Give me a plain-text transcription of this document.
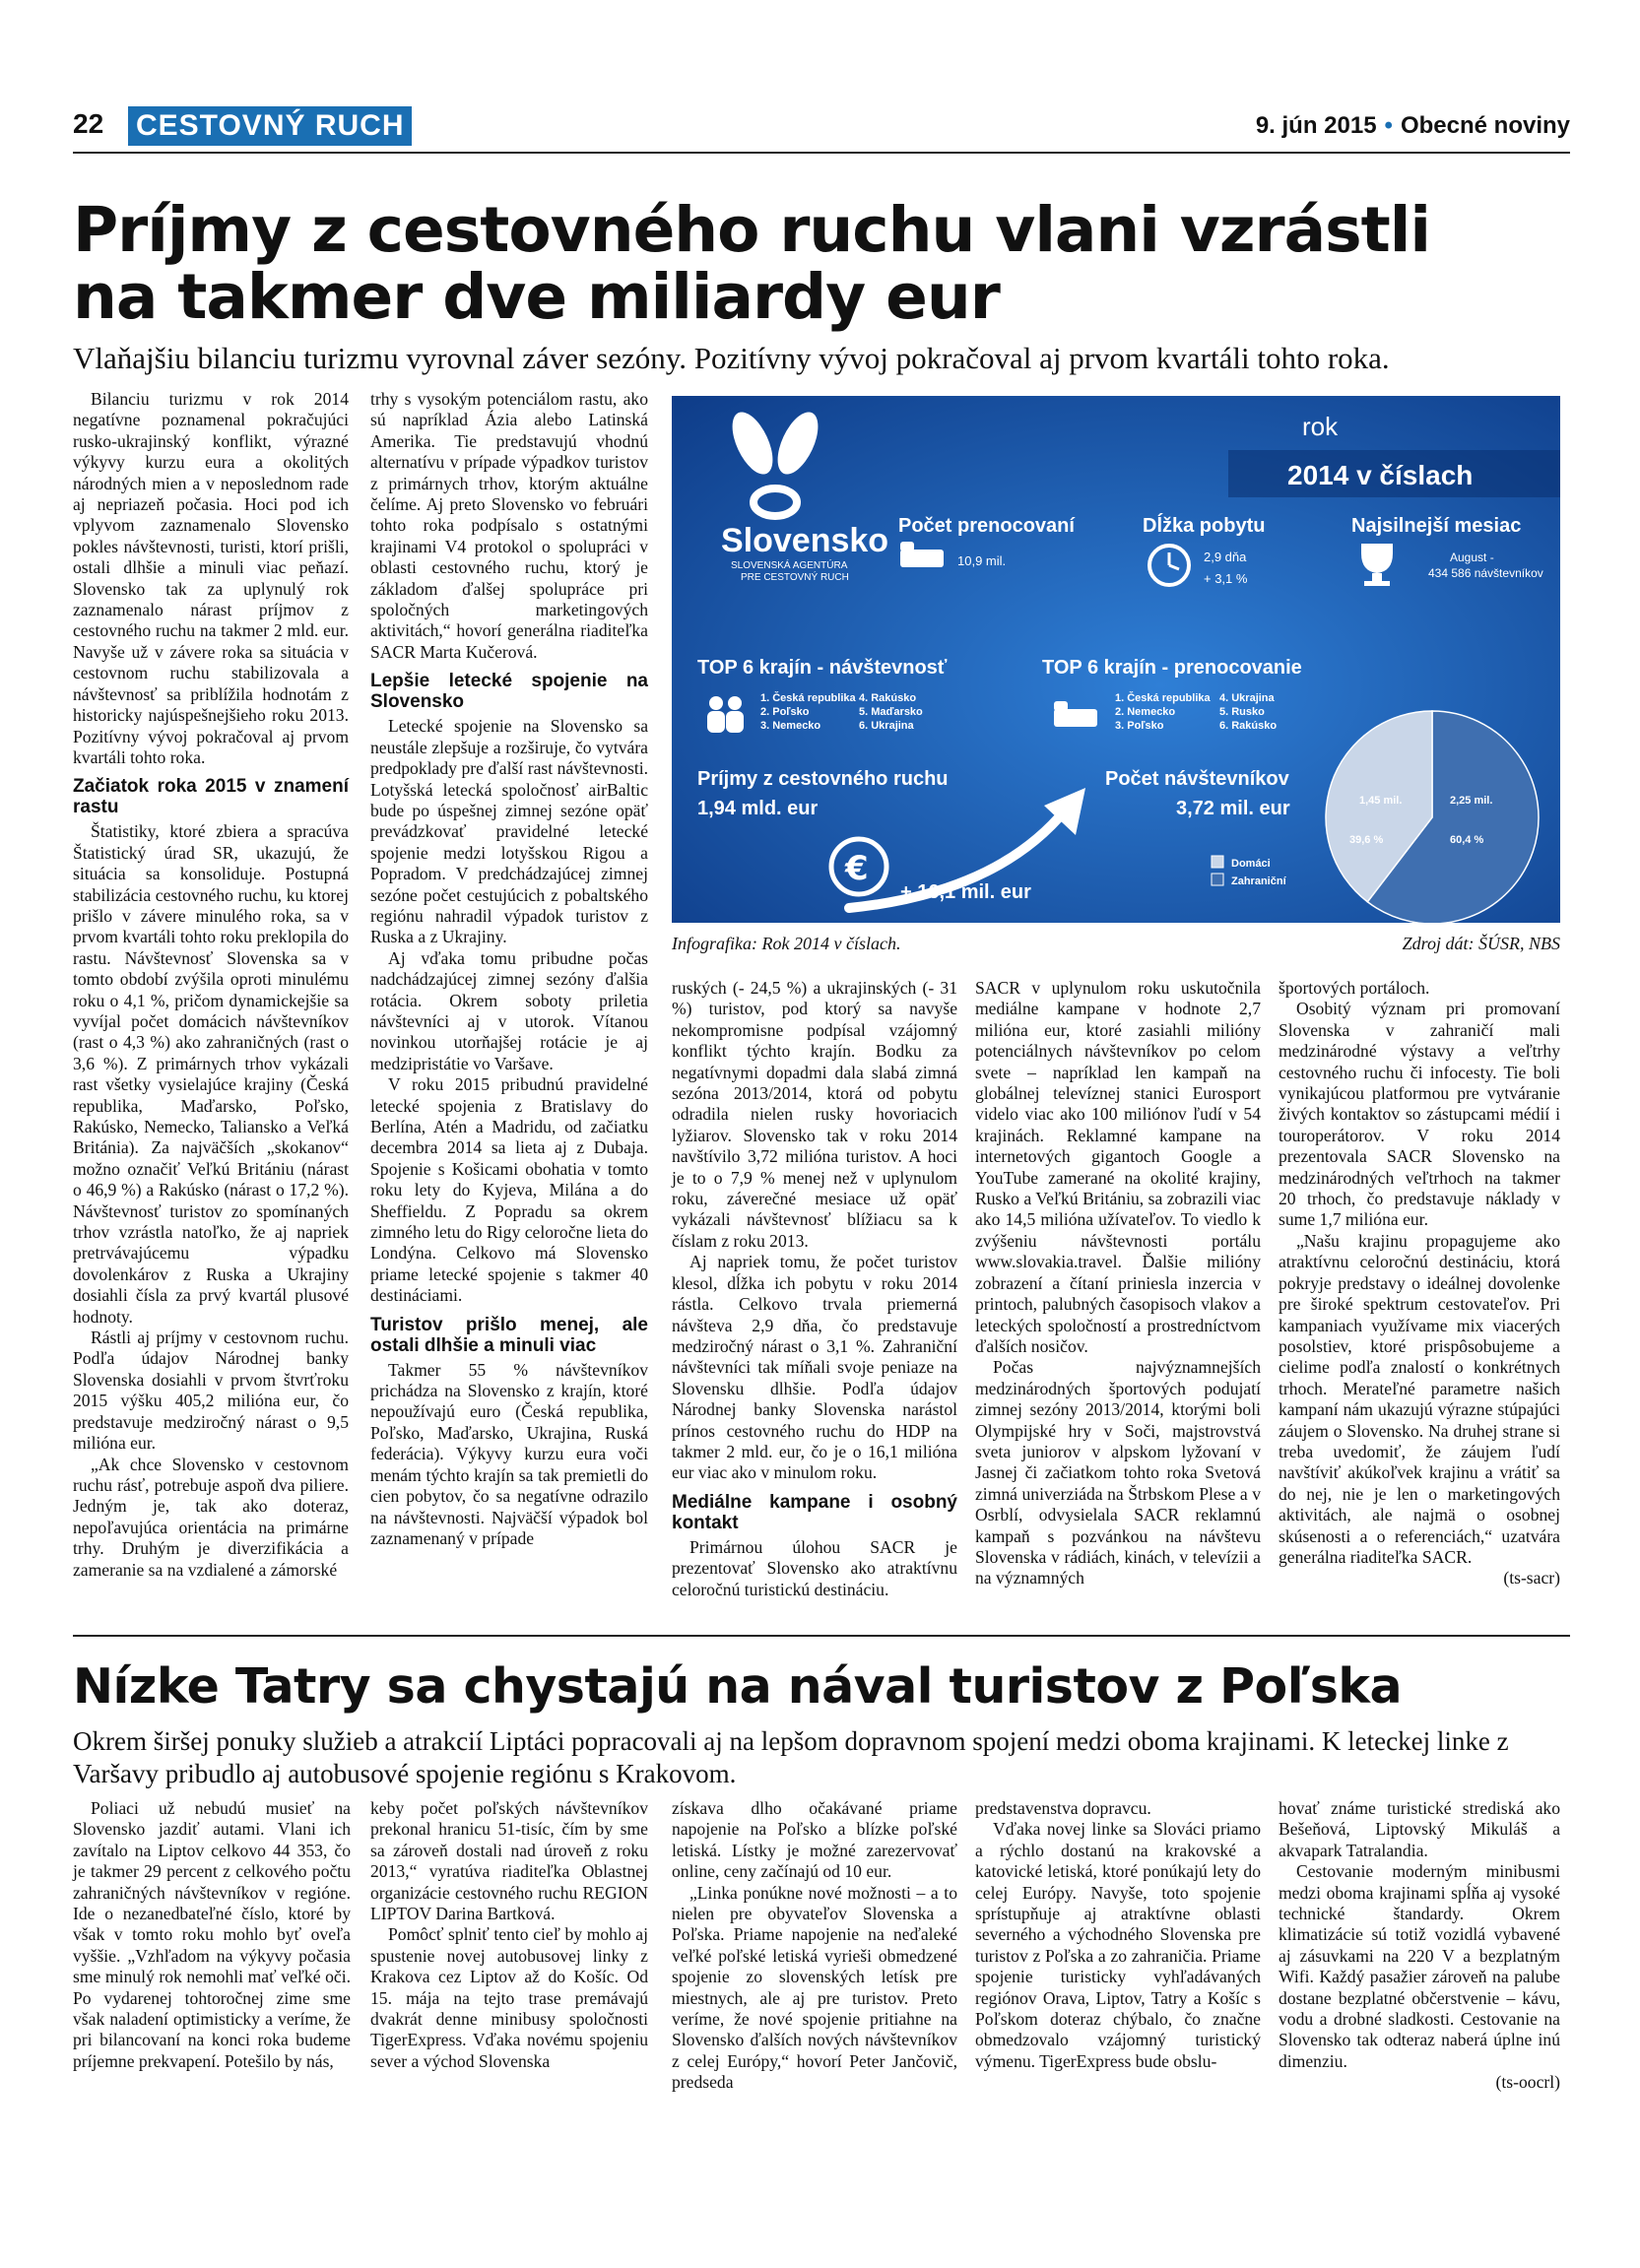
22 CESTOVNÝ RUCH	9. jún 2015 • Obecné noviny
Príjmy z cestovného ruchu vlani vzrástli
na takmer dve miliardy eur

Vlaňajšiu bilanciu turizmu vyrovnal záver sezóny. Pozitívny vývoj pokračoval aj prvom kvartáli tohto roka.

Bilanciu turizmu v rok 2014 negatívne poznamenal pokračujúci rusko-ukrajinský konflikt, výrazné výkyvy kurzu eura a okolitých národných mien a v neposlednom rade aj nepriazeň počasia. Hoci pod ich vplyvom zaznamenalo Slovensko pokles návštevnosti, turisti, ktorí prišli, ostali dlhšie a minuli viac peňazí. Slovensko tak za uplynulý rok zaznamenalo nárast príjmov z cestovného ruchu na takmer 2 mld. eur. Navyše už v závere roka sa situácia v cestovnom ruchu stabilizovala a návštevnosť sa priblížila hodnotám z historicky najúspešnejšieho roku 2013. Pozitívny vývoj pokračoval aj prvom kvartáli tohto roka.

Začiatok roka 2015 v znamení rastu

Štatistiky, ktoré zbiera a spracúva Štatistický úrad SR, ukazujú, že situácia sa konsoliduje. Postupná stabilizácia cestovného ruchu, ku ktorej prišlo v závere minulého roka, sa v prvom kvartáli tohto roku preklopila do rastu. Návštevnosť Slovenska sa v tomto období zvýšila oproti minulému roku o 4,1 %, pričom dynamickejšie sa vyvíjal počet domácich návštevníkov (rast o 4,3 %) ako zahraničných (rast o 3,6 %). Z primárnych trhov vykázali rast všetky vysielajúce krajiny (Česká republika, Maďarsko, Poľsko, Rakúsko, Nemecko, Taliansko a Veľká Británia). Za najväčších „skokanov“ možno označiť Veľkú Britániu (nárast o 46,9 %) a Rakúsko (nárast o 17,2 %). Návštevnosť turistov zo spomínaných trhov vzrástla natoľko, že aj napriek pretrvávajúcemu výpadku dovolenkárov z Ruska a Ukrajiny dosiahli čísla za prvý kvartál plusové hodnoty.

Rástli aj príjmy v cestovnom ruchu. Podľa údajov Národnej banky Slovenska dosiahli v prvom štvrťroku 2015 výšku 405,2 milióna eur, čo predstavuje medziročný nárast o 9,5 milióna eur.

„Ak chce Slovensko v cestovnom ruchu rásť, potrebuje aspoň dva piliere. Jedným je, tak ako doteraz, nepoľavujúca orientácia na primárne trhy. Druhým je diverzifikácia a zameranie sa na vzdialené a zámorské

trhy s vysokým potenciálom rastu, ako sú napríklad Ázia alebo Latinská Amerika. Tie predstavujú vhodnú alternatívu v prípade výpadkov turistov z primárnych trhov, ktorým aktuálne čelíme. Aj preto Slovensko vo februári tohto roka podpísalo s ostatnými krajinami V4 protokol o spolupráci v oblasti cestovného ruchu, ktorý je základom ďalšej spolupráce pri spoločných marketingových aktivitách,“ hovorí generálna riaditeľka SACR Marta Kučerová.

Lepšie letecké spojenie na Slovensko

Letecké spojenie na Slovensko sa neustále zlepšuje a rozširuje, čo vytvára predpoklady pre ďalší rast návštevnosti. Lotyšská letecká spoločnosť airBaltic bude po úspešnej zimnej sezóne opäť prevádzkovať pravidelné letecké spojenie medzi lotyšskou Rigou a Popradom. V predchádzajúcej zimnej sezóne počet cestujúcich z pobaltského regiónu nahradil výpadok turistov z Ruska a z Ukrajiny.

Aj vďaka tomu pribudne počas nadchádzajúcej zimnej sezóny ďalšia rotácia. Okrem soboty priletia návštevníci aj v utorok. Vítanou novinkou utorňajšej rotácie je aj medzipristátie vo Varšave.

V roku 2015 pribudnú pravidelné letecké spojenia z Bratislavy do Berlína, Atén a Madridu, od začiatku decembra 2014 sa lieta aj z Dubaja. Spojenie s Košicami obohatia v tomto roku lety do Kyjeva, Milána a do Sheffieldu. Z Popradu sa okrem zimného letu do Rigy celoročne lieta do Londýna. Celkovo má Slovensko priame letecké spojenie s takmer 40 destináciami.

Turistov prišlo menej, ale ostali dlhšie a minuli viac

Takmer 55 % návštevníkov prichádza na Slovensko z krajín, ktoré nepoužívajú euro (Česká republika, Poľsko, Maďarsko, Ukrajina, Ruská federácia). Výkyvy kurzu eura voči menám týchto krajín sa tak premietli do cien pobytov, čo sa negatívne odrazilo na návštevnosti. Najväčší výpadok bol zaznamenaný v prípade

Slovensko
SLOVENSKÁ AGENTÚRA
PRE CESTOVNÝ RUCH
rok
2014 v číslach
Počet prenocovaní
10,9 mil.
Dĺžka pobytu
2,9 dňa
+ 3,1 %
Najsilnejší mesiac
August -
434 586 návštevníkov
TOP 6 krajín - návštevnosť
1. Česká republika
2. Poľsko
3. Nemecko
4. Rakúsko
5. Maďarsko
6. Ukrajina
TOP 6 krajín - prenocovanie
1. Česká republika
2. Nemecko
3. Poľsko
4. Ukrajina
5. Rusko
6. Rakúsko
Príjmy z cestovného ruchu
1,94 mld. eur
€
+ 16,1 mil. eur
Počet návštevníkov
3,72 mil. eur	1,45 mil.
39,6 %
2,25 mil.
60,4 %
Domáci
Zahraniční
Infografika: Rok 2014 v číslach.	Zdroj dát: ŠÚSR, NBS

ruských (- 24,5 %) a ukrajinských (- 31 %) turistov, pod ktorý sa navyše nekompromisne podpísal vzájomný konflikt týchto krajín. Bodku za negatívnymi dopadmi dala slabá zimná sezóna 2013/2014, ktorá od pobytu odradila nielen rusky hovoriacich lyžiarov. Slovensko tak v roku 2014 navštívilo 3,72 milióna turistov. A hoci je to o 7,9 % menej než v uplynulom roku, záverečné mesiace už opäť vykázali návštevnosť blížiacu sa k číslam z roku 2013.

Aj napriek tomu, že počet turistov klesol, dĺžka ich pobytu v roku 2014 rástla. Celkovo trvala priemerná návšteva 2,9 dňa, čo predstavuje medziročný nárast o 3,1 %. Zahraniční návštevníci tak míňali svoje peniaze na Slovensku dlhšie. Podľa údajov Národnej banky Slovenska narástol prínos cestovného ruchu do HDP na takmer 2 mld. eur, čo je o 16,1 milióna eur viac ako v minulom roku.

Mediálne kampane i osobný kontakt

Primárnou úlohou SACR je prezentovať Slovensko ako atraktívnu celoročnú turistickú destináciu.

SACR v uplynulom roku uskutočnila mediálne kampane v hodnote 2,7 milióna eur, ktoré zasiahli milióny potenciálnych návštevníkov po celom svete – napríklad len kampaň na globálnej televíznej stanici Eurosport videlo viac ako 100 miliónov ľudí v 54 krajinách. Reklamné kampane na internetových gigantoch Google a YouTube zamerané na okolité krajiny, Rusko a Veľkú Britániu, sa zobrazili viac ako 14,5 milióna užívateľov. To viedlo k zvýšeniu návštevnosti portálu www.slovakia.travel. Ďalšie milióny zobrazení a čítaní priniesla inzercia v printoch, palubných časopisoch vlakov a leteckých spoločností a prostredníctvom ďalších nosičov.

Počas najvýznamnejších medzinárodných športových podujatí zimnej sezóny 2013/2014, ktorými boli Olympijské hry v Soči, majstrovstvá sveta juniorov v alpskom lyžovaní v Jasnej či začiatkom tohto roka Svetová zimná univerziáda na Štrbskom Plese a v Osrblí, odvysielala SACR reklamnú kampaň s pozvánkou na návštevu Slovenska v rádiách, kinách, v televízii a na významných

športových portáloch.

Osobitý význam pri promovaní Slovenska v zahraničí mali medzinárodné výstavy a veľtrhy cestovného ruchu či infocesty. Tie boli vynikajúcou platformou pre vytváranie živých kontaktov so zástupcami médií i touroperátorov. V roku 2014 prezentovala SACR Slovensko na medzinárodných veľtrhoch na takmer 20 trhoch, čo predstavuje náklady v sume 1,7 milióna eur.

„Našu krajinu propagujeme ako atraktívnu celoročnú destináciu, ktorá pokryje predstavy o ideálnej dovolenke pre široké spektrum cestovateľov. Pri kampaniach využívame mix viacerých posolstiev, ktoré prispôsobujeme a cielime podľa znalostí o konkrétnych trhoch. Merateľné parametre našich kampaní nám ukazujú výrazne stúpajúci záujem o Slovensko. Na druhej strane si treba uvedomiť, že záujem ľudí navštíviť akúkoľvek krajinu a vrátiť sa do nej, nie je len o marketingových aktivitách, ale najmä o osobnej skúsenosti a o referenciách,“ uzatvára generálna riaditeľka SACR.

(ts-sacr)
Nízke Tatry sa chystajú na nával turistov z Poľska

Okrem širšej ponuky služieb a atrakcií Liptáci popracovali aj na lepšom dopravnom spojení medzi oboma krajinami. K leteckej linke z Varšavy pribudlo aj autobusové spojenie regiónu s Krakovom.

Poliaci už nebudú musieť na Slovensko jazdiť autami. Vlani ich zavítalo na Liptov celkovo 44 353, čo je takmer 29 percent z celkového počtu zahraničných návštevníkov v regióne. Ide o nezanedbateľné číslo, ktoré by však v tomto roku mohlo byť oveľa vyššie. „Vzhľadom na výkyvy počasia sme minulý rok nemohli mať veľké oči. Po vydarenej tohtoročnej zime sme však naladení optimisticky a veríme, že pri bilancovaní na konci roka budeme príjemne prekvapení. Potešilo by nás,

keby počet poľských návštevníkov prekonal hranicu 51-tisíc, čím by sme sa zároveň dostali nad úroveň z roku 2013,“ vyratúva riaditeľka Oblastnej organizácie cestovného ruchu REGION LIPTOV Darina Bartková.

Pomôcť splniť tento cieľ by mohlo aj spustenie novej autobusovej linky z Krakova cez Liptov až do Košíc. Od 15. mája na tejto trase premávajú dvakrát denne minibusy spoločnosti TigerExpress. Vďaka novému spojeniu sever a východ Slovenska

získava dlho očakávané priame napojenie na Poľsko a blízke poľské letiská. Lístky je možné zarezervovať online, ceny začínajú od 10 eur.

„Linka ponúkne nové možnosti – a to nielen pre obyvateľov Slovenska a Poľska. Priame napojenie na neďaleké veľké poľské letiská vyrieši obmedzené spojenie zo slovenských letísk pre miestnych, ale aj pre turistov. Preto veríme, že nové spojenie pritiahne na Slovensko ďalších nových návštevníkov z celej Európy,“ hovorí Peter Jančovič, predseda

predstavenstva dopravcu.

Vďaka novej linke sa Slováci priamo a rýchlo dostanú na krakovské a katovické letiská, ktoré ponúkajú lety do celej Európy. Navyše, toto spojenie sprístupňuje aj atraktívne oblasti severného a východného Slovenska pre turistov z Poľska a zo zahraničia. Priame spojenie turisticky vyhľadávaných regiónov Orava, Liptov, Tatry a Košíc s Poľskom doteraz chýbalo, čo značne obmedzovalo vzájomný turistický výmenu. TigerExpress bude obslu-

hovať známe turistické strediská ako Bešeňová, Liptovský Mikuláš a akvapark Tatralandia.

Cestovanie moderným minibusmi medzi oboma krajinami spĺňa aj vysoké technické štandardy. Okrem klimatizácie sú totiž vozidlá vybavené aj zásuvkami na 220 V a bezplatným Wifi. Každý pasažier zároveň na palube dostane bezplatné občerstvenie – kávu, vodu a drobné sladkosti. Cestovanie na Slovensko tak odteraz naberá úplne inú dimenziu.

(ts-oocrl)
